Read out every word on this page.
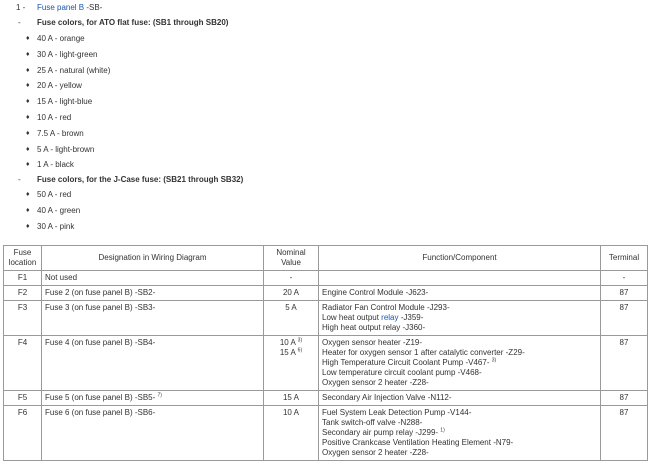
1 - Fuse panel B -SB-
- Fuse colors, for ATO flat fuse: (SB1 through SB20)
♦ 40 A - orange
♦ 30 A - light-green
♦ 25 A - natural (white)
♦ 20 A - yellow
♦ 15 A - light-blue
♦ 10 A - red
♦ 7.5 A - brown
♦ 5 A - light-brown
♦ 1 A - black
- Fuse colors, for the J-Case fuse: (SB21 through SB32)
♦ 50 A - red
♦ 40 A - green
♦ 30 A - pink
Fuse location	Designation in Wiring Diagram	Nominal Value	Function/Component	Terminal
F1	Not used	-		-
F2	Fuse 2 (on fuse panel B) -SB2-	20 A	Engine Control Module -J623-	87
F3	Fuse 3 (on fuse panel B) -SB3-	5 A	Radiator Fan Control Module -J293-
Low heat output relay -J359-
High heat output relay -J360-	87
F4	Fuse 4 (on fuse panel B) -SB4-	10 A $^{3)}$
15 A $^{6)}$	Oxygen sensor heater -Z19-
Heater for oxygen sensor 1 after catalytic converter -Z29-
High Temperature Circuit Coolant Pump -V467- $^{3)}$
Low temperature circuit coolant pump -V468-
Oxygen sensor 2 heater -Z28-	87
F5	Fuse 5 (on fuse panel B) -SB5- $^{7)}$	15 A	Secondary Air Injection Valve -N112-	87
F6	Fuse 6 (on fuse panel B) -SB6-	10 A	Fuel System Leak Detection Pump -V144-
Tank switch-off valve -N288-
Secondary air pump relay -J299- $^{1)}$
Positive Crankcase Ventilation Heating Element -N79-
Oxygen sensor 2 heater -Z28-	87
